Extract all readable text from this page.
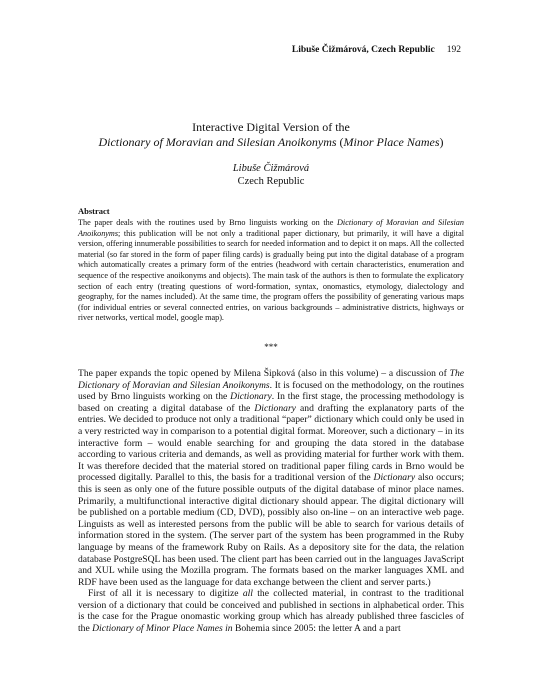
Libuše Čižmárová, Czech Republic 192
Interactive Digital Version of the
Dictionary of Moravian and Silesian Anoikonyms (Minor Place Names)
Libuše Čižmárová
Czech Republic
Abstract

The paper deals with the routines used by Brno linguists working on the Dictionary of Moravian and Silesian Anoikonyms; this publication will be not only a traditional paper dictionary, but primarily, it will have a digital version, offering innumerable possibilities to search for needed information and to depict it on maps. All the collected material (so far stored in the form of paper filing cards) is gradually being put into the digital database of a program which automatically creates a primary form of the entries (headword with certain characteristics, enumeration and sequence of the respective anoikonyms and objects). The main task of the authors is then to formulate the explicatory section of each entry (treating questions of word-formation, syntax, onomastics, etymology, dialectology and geography, for the names included). At the same time, the program offers the possibility of generating various maps (for individual entries or several connected entries, on various backgrounds – administrative districts, highways or river networks, vertical model, google map).

***

The paper expands the topic opened by Milena Šipková (also in this volume) – a discussion of The Dictionary of Moravian and Silesian Anoikonyms. It is focused on the methodology, on the routines used by Brno linguists working on the Dictionary. In the first stage, the processing methodology is based on creating a digital database of the Dictionary and drafting the explanatory parts of the entries. We decided to produce not only a traditional “paper” dictionary which could only be used in a very restricted way in comparison to a potential digital format. Moreover, such a dictionary – in its interactive form – would enable searching for and grouping the data stored in the database according to various criteria and demands, as well as providing material for further work with them. It was therefore decided that the material stored on traditional paper filing cards in Brno would be processed digitally. Parallel to this, the basis for a traditional version of the Dictionary also occurs; this is seen as only one of the future possible outputs of the digital database of minor place names. Primarily, a multifunctional interactive digital dictionary should appear. The digital dictionary will be published on a portable medium (CD, DVD), possibly also on-line – on an interactive web page. Linguists as well as interested persons from the public will be able to search for various details of information stored in the system. (The server part of the system has been programmed in the Ruby language by means of the framework Ruby on Rails. As a depository site for the data, the relation database PostgreSQL has been used. The client part has been carried out in the languages JavaScript and XUL while using the Mozilla program. The formats based on the marker languages XML and RDF have been used as the language for data exchange between the client and server parts.)

First of all it is necessary to digitize all the collected material, in contrast to the traditional version of a dictionary that could be conceived and published in sections in alphabetical order. This is the case for the Prague onomastic working group which has already published three fascicles of the Dictionary of Minor Place Names in Bohemia since 2005: the letter A and a part
